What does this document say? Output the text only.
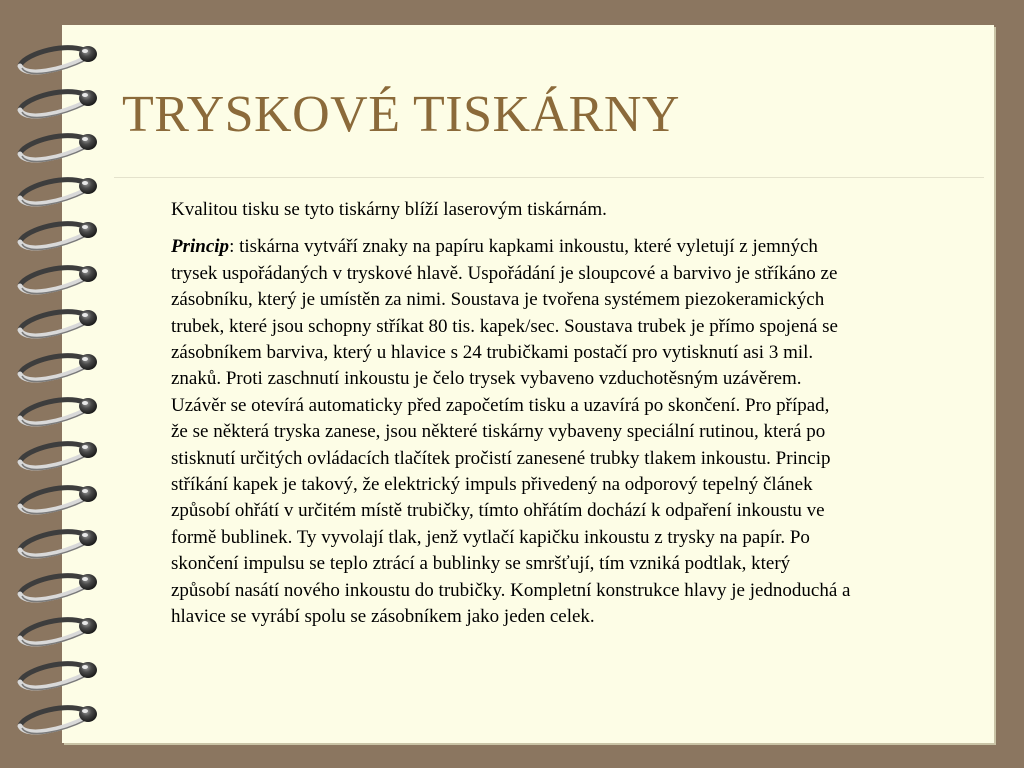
TRYSKOVÉ TISKÁRNY

Kvalitou tisku se tyto tiskárny blíží laserovým tiskárnám.

Princip: tiskárna vytváří znaky na papíru kapkami inkoustu, které vyletují z jemných trysek uspořádaných v tryskové hlavě. Uspořádání je sloupcové a barvivo je stříkáno ze zásobníku, který je umístěn za nimi. Soustava je tvořena systémem piezokeramických trubek, které jsou schopny stříkat 80 tis. kapek/sec. Soustava trubek je přímo spojená se zásobníkem barviva, který u hlavice s 24 trubičkami postačí pro vytisknutí asi 3 mil. znaků. Proti zaschnutí inkoustu je čelo trysek vybaveno vzduchotěsným uzávěrem. Uzávěr se otevírá automaticky před započetím tisku a uzavírá po skončení. Pro případ, že se některá tryska zanese, jsou některé tiskárny vybaveny speciální rutinou, která po stisknutí určitých ovládacích tlačítek pročistí zanesené trubky tlakem inkoustu. Princip stříkání kapek je takový, že elektrický impuls přivedený na odporový tepelný článek způsobí ohřátí v určitém místě trubičky, tímto ohřátím dochází k odpaření inkoustu ve formě bublinek. Ty vyvolají tlak, jenž vytlačí kapičku inkoustu z trysky na papír. Po skončení impulsu se teplo ztrácí a bublinky se smršťují, tím vzniká podtlak, který způsobí nasátí nového inkoustu do trubičky. Kompletní konstrukce hlavy je jednoduchá a hlavice se vyrábí spolu se zásobníkem jako jeden celek.
